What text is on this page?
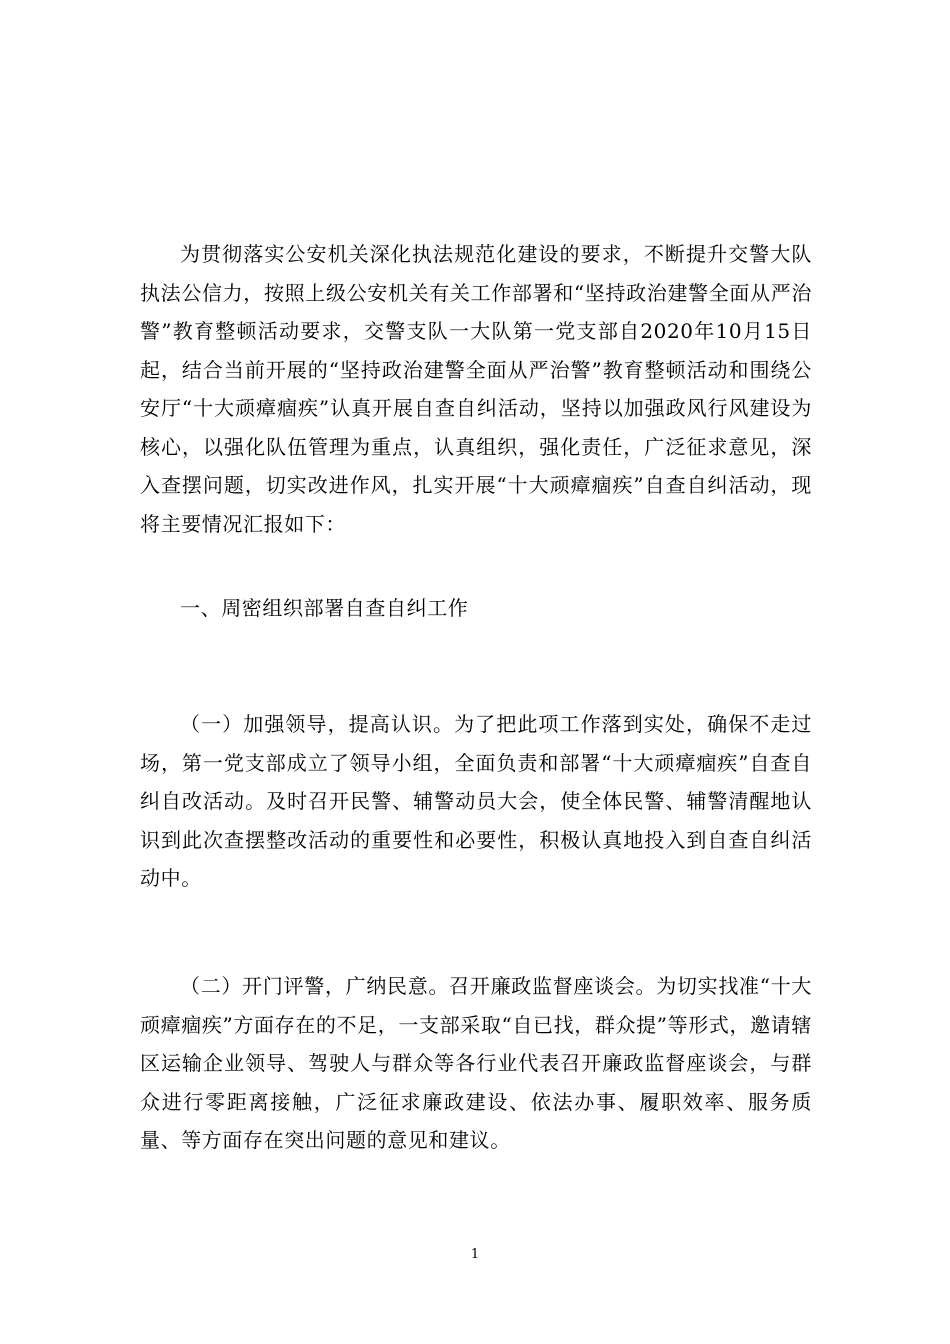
为贯彻落实公安机关深化执法规范化建设的要求，不断提升交警大队执法公信力，按照上级公安机关有关工作部署和“坚持政治建警全面从严治警”教育整顿活动要求，交警支队一大队第一党支部自2020年10月15日起，结合当前开展的“坚持政治建警全面从严治警”教育整顿活动和围绕公安厅“十大顽瘴痼疾”认真开展自查自纠活动，坚持以加强政风行风建设为核心，以强化队伍管理为重点，认真组织，强化责任，广泛征求意见，深入查摆问题，切实改进作风，扎实开展“十大顽瘴痼疾”自查自纠活动，现将主要情况汇报如下：

一、周密组织部署自查自纠工作

（一）加强领导，提高认识。为了把此项工作落到实处，确保不走过场，第一党支部成立了领导小组，全面负责和部署“十大顽瘴痼疾”自查自纠自改活动。及时召开民警、辅警动员大会，使全体民警、辅警清醒地认识到此次查摆整改活动的重要性和必要性，积极认真地投入到自查自纠活动中。

（二）开门评警，广纳民意。召开廉政监督座谈会。为切实找准“十大顽瘴痼疾”方面存在的不足，一支部采取“自已找，群众提”等形式，邀请辖区运输企业领导、驾驶人与群众等各行业代表召开廉政监督座谈会，与群众进行零距离接触，广泛征求廉政建设、依法办事、履职效率、服务质量、等方面存在突出问题的意见和建议。

1
